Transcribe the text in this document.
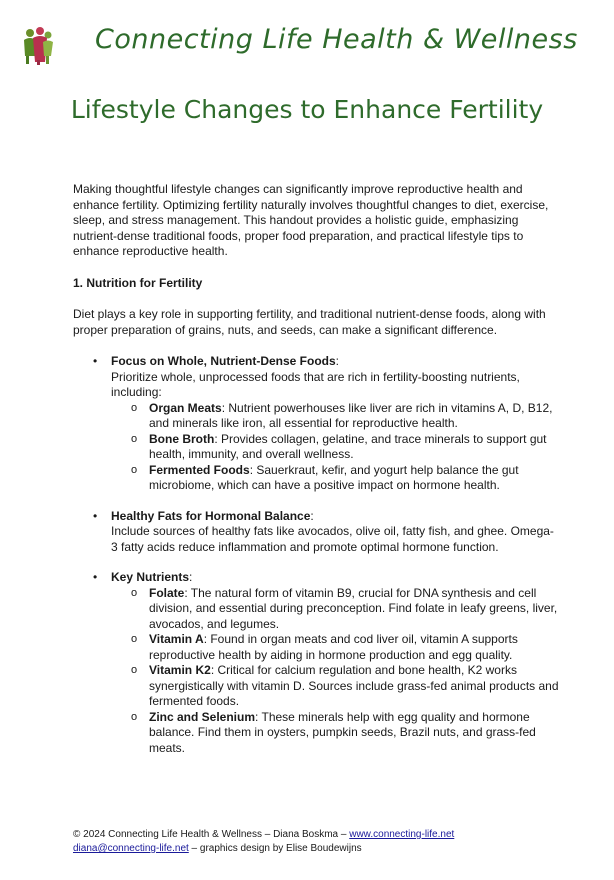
Connecting Life Health & Wellness
Lifestyle Changes to Enhance Fertility

Making thoughtful lifestyle changes can significantly improve reproductive health and enhance fertility. Optimizing fertility naturally involves thoughtful changes to diet, exercise, sleep, and stress management. This handout provides a holistic guide, emphasizing nutrient-dense traditional foods, proper food preparation, and practical lifestyle tips to enhance reproductive health.

1. Nutrition for Fertility

Diet plays a key role in supporting fertility, and traditional nutrient-dense foods, along with proper preparation of grains, nuts, and seeds, can make a significant difference.

• Focus on Whole, Nutrient-Dense Foods:
Prioritize whole, unprocessed foods that are rich in fertility-boosting nutrients, including:
o Organ Meats: Nutrient powerhouses like liver are rich in vitamins A, D, B12, and minerals like iron, all essential for reproductive health.
o Bone Broth: Provides collagen, gelatine, and trace minerals to support gut health, immunity, and overall wellness.
o Fermented Foods: Sauerkraut, kefir, and yogurt help balance the gut microbiome, which can have a positive impact on hormone health.
• Healthy Fats for Hormonal Balance:
Include sources of healthy fats like avocados, olive oil, fatty fish, and ghee. Omega-3 fatty acids reduce inflammation and promote optimal hormone function.
• Key Nutrients:
o Folate: The natural form of vitamin B9, crucial for DNA synthesis and cell division, and essential during preconception. Find folate in leafy greens, liver, avocados, and legumes.
o Vitamin A: Found in organ meats and cod liver oil, vitamin A supports reproductive health by aiding in hormone production and egg quality.
o Vitamin K2: Critical for calcium regulation and bone health, K2 works synergistically with vitamin D. Sources include grass-fed animal products and fermented foods.
o Zinc and Selenium: These minerals help with egg quality and hormone balance. Find them in oysters, pumpkin seeds, Brazil nuts, and grass-fed meats.
© 2024 Connecting Life Health & Wellness – Diana Boskma – www.connecting-life.net
diana@connecting-life.net – graphics design by Elise Boudewijns
